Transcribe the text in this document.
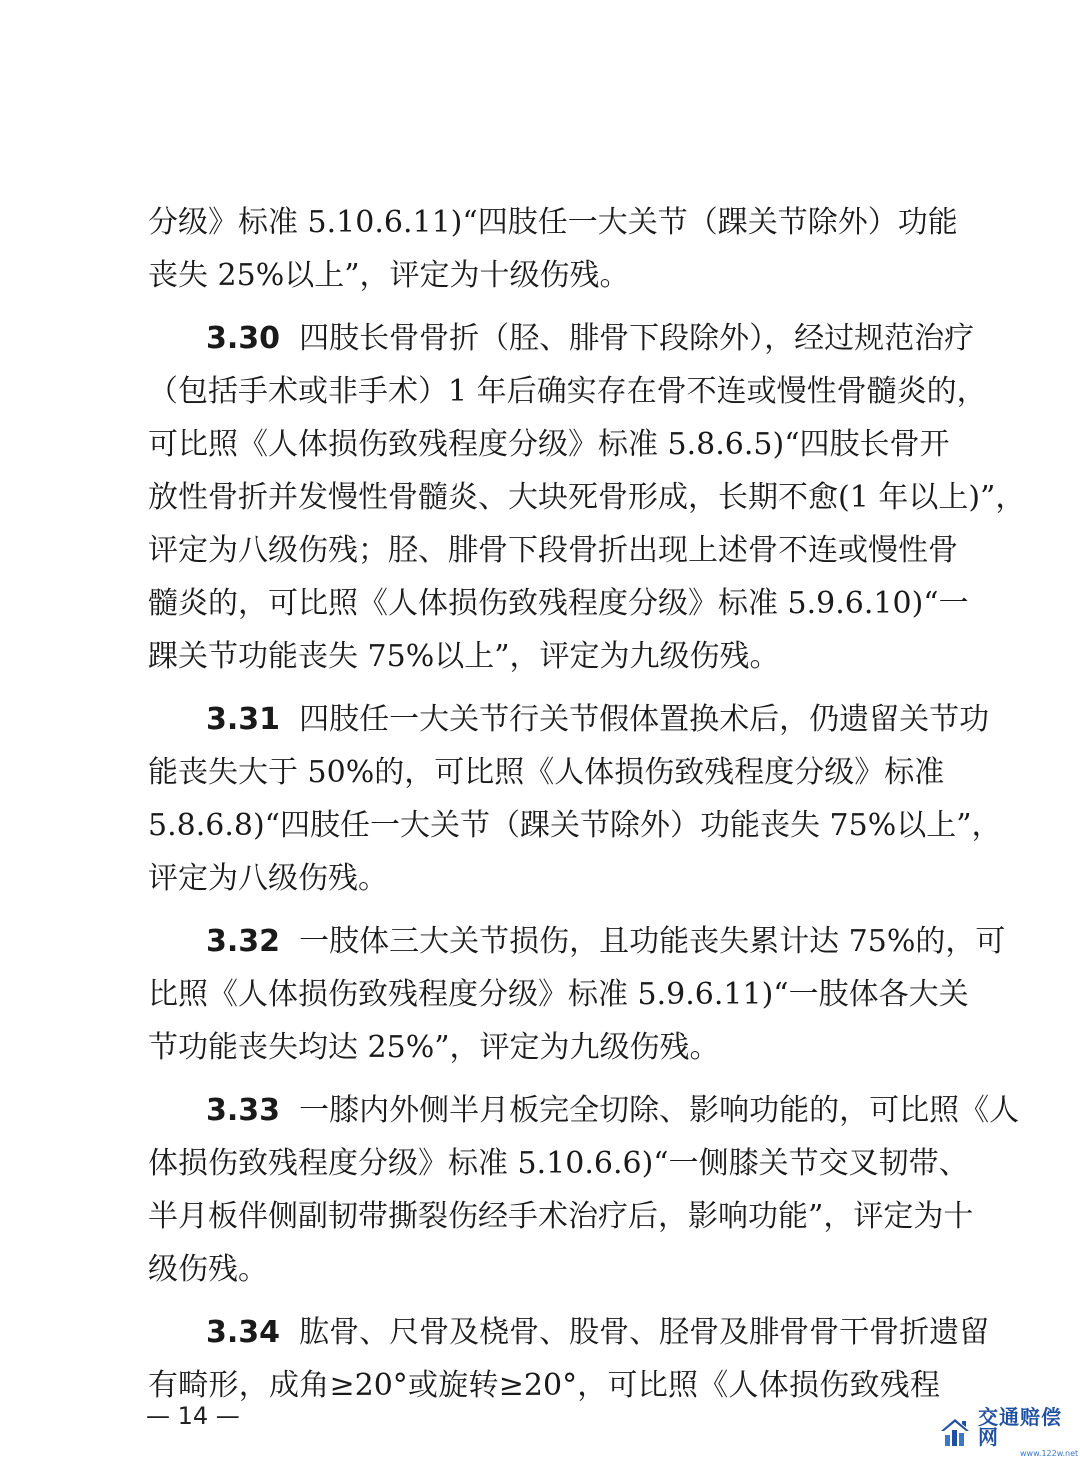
分级》标准 5.10.6.11)“四肢任一大关节（踝关节除外）功能
丧失 25%以上”，评定为十级伤残。
3.30 四肢长骨骨折（胫、腓骨下段除外），经过规范治疗
（包括手术或非手术）1 年后确实存在骨不连或慢性骨髓炎的，
可比照《人体损伤致残程度分级》标准 5.8.6.5)“四肢长骨开
放性骨折并发慢性骨髓炎、大块死骨形成，长期不愈(1 年以上)”，
评定为八级伤残；胫、腓骨下段骨折出现上述骨不连或慢性骨
髓炎的，可比照《人体损伤致残程度分级》标准 5.9.6.10)“一
踝关节功能丧失 75%以上”，评定为九级伤残。
3.31 四肢任一大关节行关节假体置换术后，仍遗留关节功
能丧失大于 50%的，可比照《人体损伤致残程度分级》标准
5.8.6.8)“四肢任一大关节（踝关节除外）功能丧失 75%以上”，
评定为八级伤残。
3.32 一肢体三大关节损伤，且功能丧失累计达 75%的，可
比照《人体损伤致残程度分级》标准 5.9.6.11)“一肢体各大关
节功能丧失均达 25%”，评定为九级伤残。
3.33 一膝内外侧半月板完全切除、影响功能的，可比照《人
体损伤致残程度分级》标准 5.10.6.6)“一侧膝关节交叉韧带、
半月板伴侧副韧带撕裂伤经手术治疗后，影响功能”，评定为十
级伤残。
3.34 肱骨、尺骨及桡骨、股骨、胫骨及腓骨骨干骨折遗留
有畸形，成角≥20°或旋转≥20°，可比照《人体损伤致残程
— 14 —	交通赔偿网
www.122w.net
